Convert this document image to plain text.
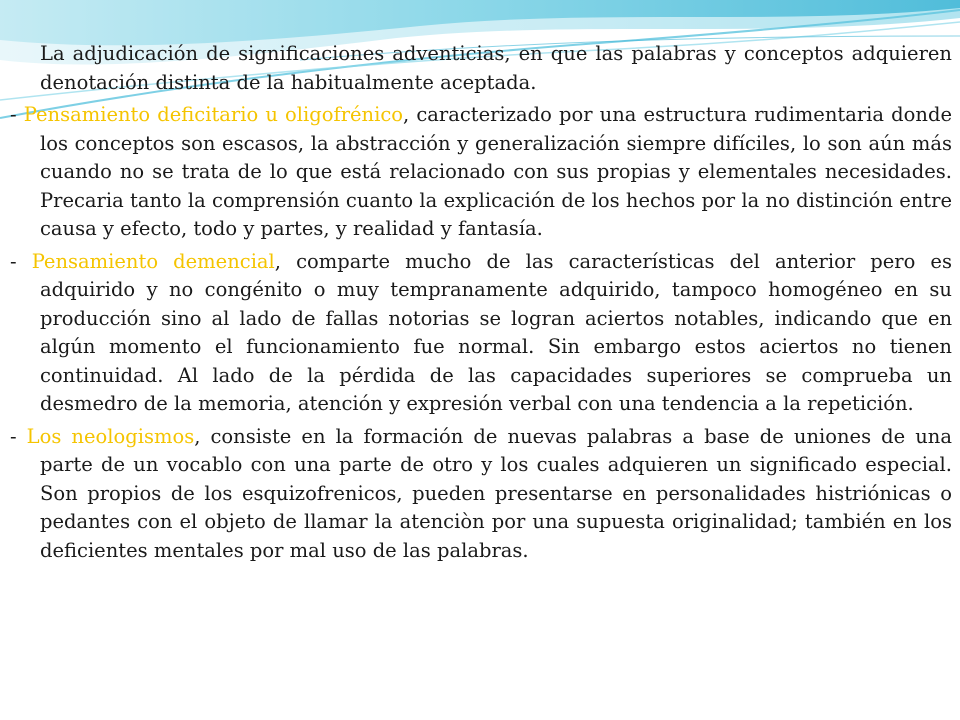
La adjudicación de significaciones adventicias, en que las palabras y conceptos adquieren denotación distinta de la habitualmente aceptada.

- Pensamiento deficitario u oligofrénico, caracterizado por una estructura rudimentaria donde los conceptos son escasos, la abstracción y generalización siempre difíciles, lo son aún más cuando no se trata de lo que está relacionado con sus propias y elementales necesidades. Precaria tanto la comprensión cuanto la explicación de los hechos por la no distinción entre causa y efecto, todo y partes, y realidad y fantasía.

- Pensamiento demencial, comparte mucho de las características del anterior pero es adquirido y no congénito o muy tempranamente adquirido, tampoco homogéneo en su producción sino al lado de fallas notorias se logran aciertos notables, indicando que en algún momento el funcionamiento fue normal. Sin embargo estos aciertos no tienen continuidad. Al lado de la pérdida de las capacidades superiores se comprueba un desmedro de la memoria, atención y expresión verbal con una tendencia a la repetición.

- Los neologismos, consiste en la formación de nuevas palabras a base de uniones de una parte de un vocablo con una parte de otro y los cuales adquieren un significado especial. Son propios de los esquizofrenicos, pueden presentarse en personalidades histriónicas o pedantes con el objeto de llamar la atenciòn por una supuesta originalidad; también en los deficientes mentales por mal uso de las palabras.
